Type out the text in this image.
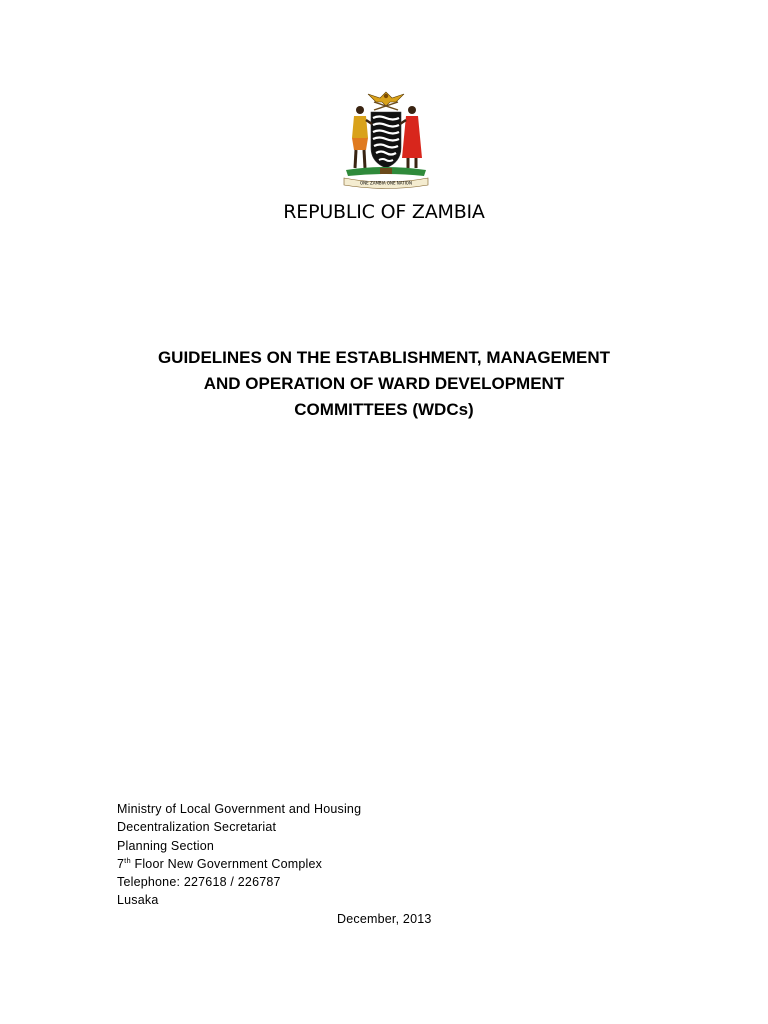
ONE ZAMBIA ONE NATION
REPUBLIC OF ZAMBIA
GUIDELINES ON THE ESTABLISHMENT, MANAGEMENT
AND OPERATION OF WARD DEVELOPMENT
COMMITTEES (WDCs)
Ministry of Local Government and Housing
Decentralization Secretariat
Planning Section
7th Floor New Government Complex
Telephone: 227618 / 226787
Lusaka
December, 2013
